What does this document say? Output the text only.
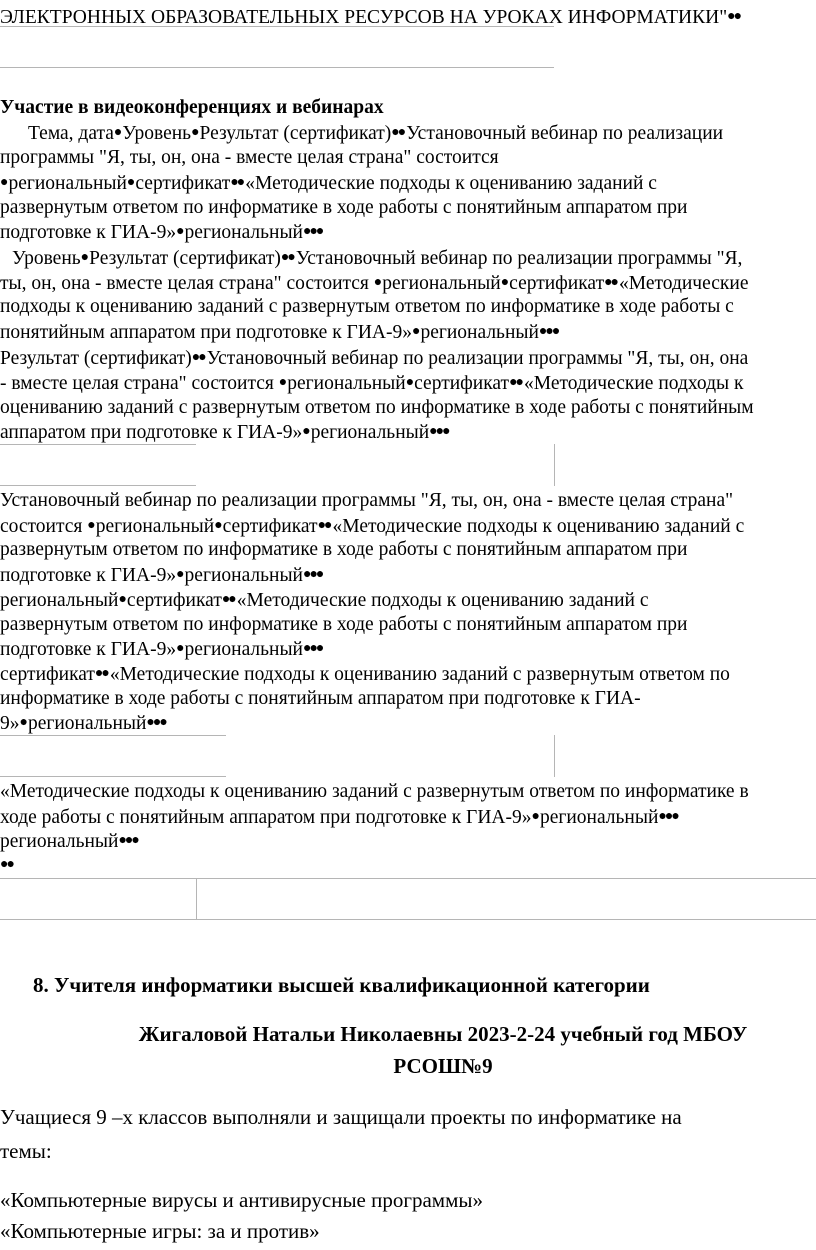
ЭЛЕКТРОННЫХ ОБРАЗОВАТЕЛЬНЫХ РЕСУРСОВ НА УРОКАХ ИНФОРМАТИКИ"●●
Участие в видеоконференциях и вебинарах
Тема, дата● Уровень● Результат (сертификат)●● Установочный вебинар по реализации
программы "Я, ты, он, она - вместе целая страна" состоится
● региональный● сертификат●● «Методические подходы к оцениванию заданий с
развернутым ответом по информатике в ходе работы с понятийным аппаратом при
подготовке к ГИА-9»● региональный●●●
Уровень● Результат (сертификат)●● Установочный вебинар по реализации программы "Я,
ты, он, она - вместе целая страна" состоится ● региональный● сертификат●● «Методические
подходы к оцениванию заданий с развернутым ответом по информатике в ходе работы с
понятийным аппаратом при подготовке к ГИА-9»● региональный●●●
Результат (сертификат)●● Установочный вебинар по реализации программы "Я, ты, он, она
- вместе целая страна" состоится ● региональный● сертификат●● «Методические подходы к
оцениванию заданий с развернутым ответом по информатике в ходе работы с понятийным
аппаратом при подготовке к ГИА-9»● региональный●●●
Установочный вебинар по реализации программы "Я, ты, он, она - вместе целая страна"
состоится ● региональный● сертификат●● «Методические подходы к оцениванию заданий с
развернутым ответом по информатике в ходе работы с понятийным аппаратом при
подготовке к ГИА-9»● региональный●●●
региональный● сертификат●● «Методические подходы к оцениванию заданий с
развернутым ответом по информатике в ходе работы с понятийным аппаратом при
подготовке к ГИА-9»● региональный●●●
сертификат●● «Методические подходы к оцениванию заданий с развернутым ответом по
информатике в ходе работы с понятийным аппаратом при подготовке к ГИА-
9»● региональный●●●
«Методические подходы к оцениванию заданий с развернутым ответом по информатике в
ходе работы с понятийным аппаратом при подготовке к ГИА-9»● региональный●●●
региональный●●●
●●
8. Учителя информатики высшей квалификационной категории
Жигаловой Натальи Николаевны 2023-2-24 учебный год МБОУ
РСОШ№9
Учащиеся 9 –х классов выполняли и защищали проекты по информатике на
темы:
«Компьютерные вирусы и антивирусные программы»
«Компьютерные игры: за и против»
